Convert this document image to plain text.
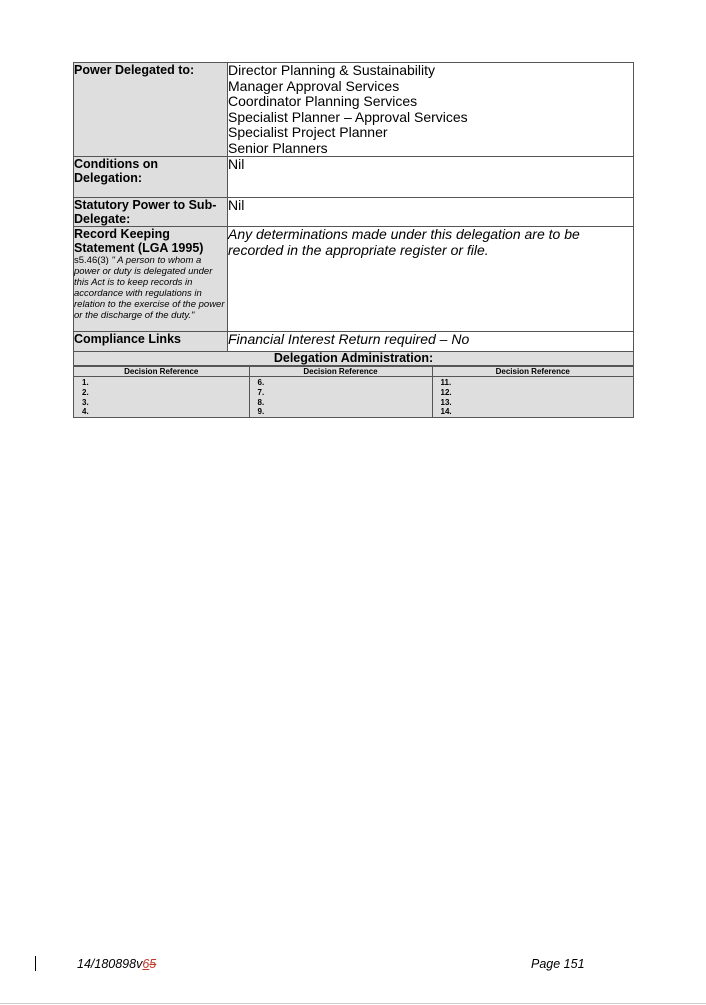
Power Delegated to:	Director Planning & Sustainability
Manager Approval Services
Coordinator Planning Services
Specialist Planner – Approval Services
Specialist Project Planner
Senior Planners

Conditions on Delegation:	Nil
Statutory Power to Sub-Delegate:	Nil

Record Keeping Statement (LGA 1995)
s5.46(3) " A person to whom a power or duty is delegated under this Act is to keep records in accordance with regulations in relation to the exercise of the power or the discharge of the duty."
	Any determinations made under this delegation are to be recorded in the appropriate register or file.
Compliance Links	Financial Interest Return required – No
Delegation Administration:

Decision Reference	Decision Reference	Decision Reference

1.
2.
3.
4.

6.
7.
8.
9.

11.
12.
13.
14.
14/180898v65	Page 151
